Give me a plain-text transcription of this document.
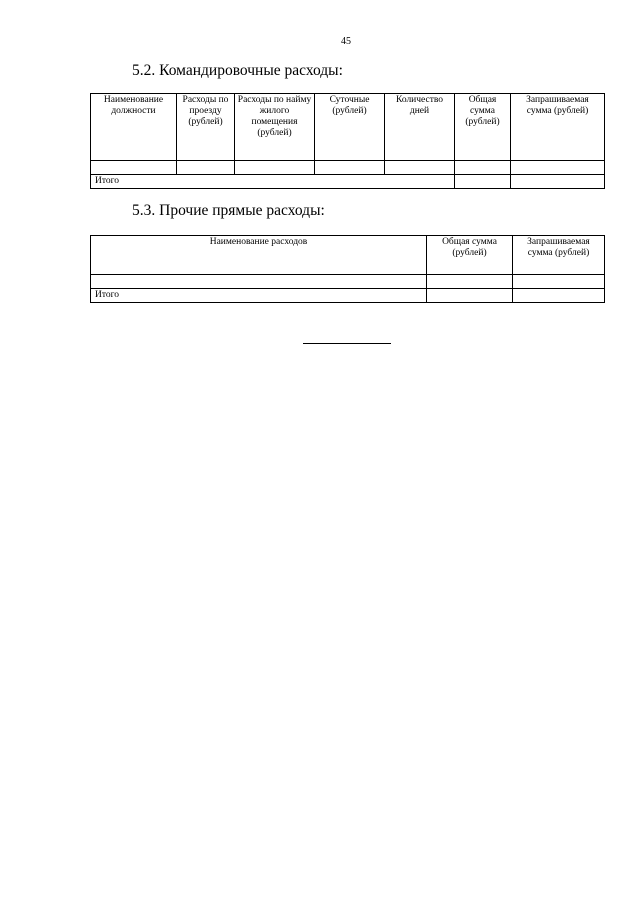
45
5.2. Командировочные расходы:
Наименование должности	Расходы по проезду (рублей)	Расходы по найму жилого помещения (рублей)	Суточные (рублей)	Количество дней	Общая сумма (рублей)	Запрашиваемая сумма (рублей)

Итого						
5.3. Прочие прямые расходы:
Наименование расходов	Общая сумма (рублей)	Запрашиваемая сумма (рублей)

Итого		
